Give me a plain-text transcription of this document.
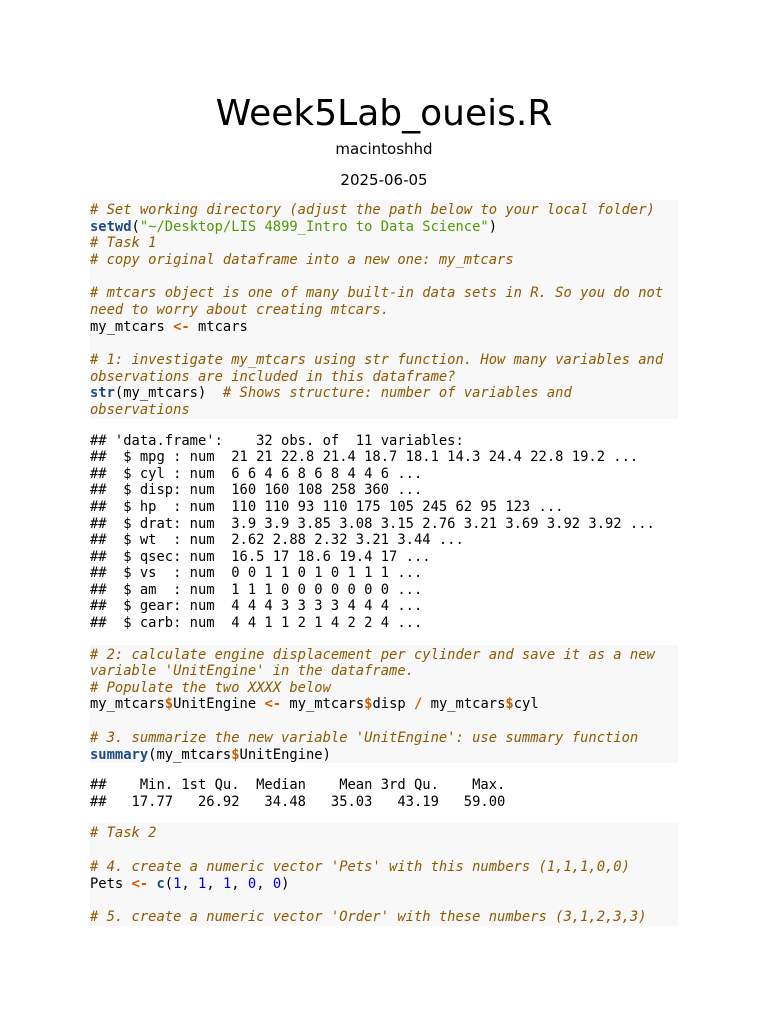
Week5Lab_oueis.R
macintoshhd
2025-06-05
# Set working directory (adjust the path below to your local folder)
setwd("~/Desktop/LIS 4899_Intro to Data Science")
# Task 1
# copy original dataframe into a new one: my_mtcars
# mtcars object is one of many built-in data sets in R. So you do not
need to worry about creating mtcars.
my_mtcars <- mtcars
# 1: investigate my_mtcars using str function. How many variables and
observations are included in this dataframe?
str(my_mtcars)  # Shows structure: number of variables and
observations
## 'data.frame':    32 obs. of  11 variables:
##  $ mpg : num  21 21 22.8 21.4 18.7 18.1 14.3 24.4 22.8 19.2 ...
##  $ cyl : num  6 6 4 6 8 6 8 4 4 6 ...
##  $ disp: num  160 160 108 258 360 ...
##  $ hp  : num  110 110 93 110 175 105 245 62 95 123 ...
##  $ drat: num  3.9 3.9 3.85 3.08 3.15 2.76 3.21 3.69 3.92 3.92 ...
##  $ wt  : num  2.62 2.88 2.32 3.21 3.44 ...
##  $ qsec: num  16.5 17 18.6 19.4 17 ...
##  $ vs  : num  0 0 1 1 0 1 0 1 1 1 ...
##  $ am  : num  1 1 1 0 0 0 0 0 0 0 ...
##  $ gear: num  4 4 4 3 3 3 3 4 4 4 ...
##  $ carb: num  4 4 1 1 2 1 4 2 2 4 ...
# 2: calculate engine displacement per cylinder and save it as a new
variable 'UnitEngine' in the dataframe.
# Populate the two XXXX below
my_mtcars$UnitEngine <- my_mtcars$disp / my_mtcars$cyl
# 3. summarize the new variable 'UnitEngine': use summary function
summary(my_mtcars$UnitEngine)
##    Min. 1st Qu.  Median    Mean 3rd Qu.    Max.
##   17.77   26.92   34.48   35.03   43.19   59.00
# Task 2
# 4. create a numeric vector 'Pets' with this numbers (1,1,1,0,0)
Pets <- c(1, 1, 1, 0, 0)
# 5. create a numeric vector 'Order' with these numbers (3,1,2,3,3)
